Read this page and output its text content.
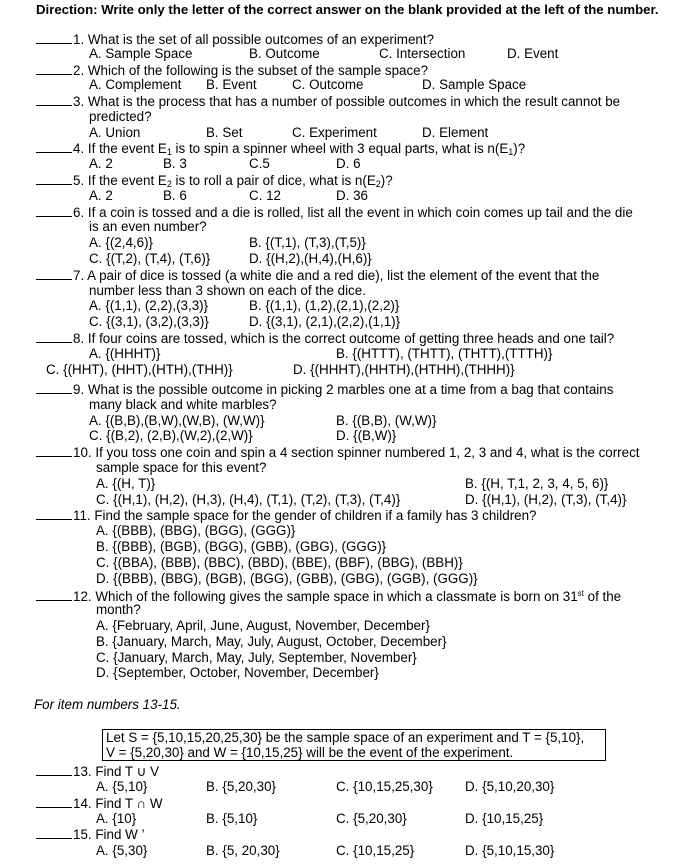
Direction: Write only the letter of the correct answer on the blank provided at the left of the number.
1. What is the set of all possible outcomes of an experiment?
A. Sample Space	B. Outcome	C. Intersection	D. Event
2. Which of the following is the subset of the sample space?
A. Complement B. Event	C. Outcome	D. Sample Space
3. What is the process that has a number of possible outcomes in which the result cannot be
predicted?
A. Union	B. Set	C. Experiment	D. Element
4. If the event $E_1$ is to spin a spinner wheel with 3 equal parts, what is $n(E_1)$?
A. 2	B. 3	C.5	D. 6
5. If the event $E_2$ is to roll a pair of dice, what is $n(E_2)$?
A. 2	B. 6	C. 12	D. 36
6. If a coin is tossed and a die is rolled, list all the event in which coin comes up tail and the die
is an even number?
A. {(2,4,6)}	B. {(T,1), (T,3),(T,5)}
C. {(T,2), (T,4), (T,6)}	D. {(H,2),(H,4),(H,6)}
7. A pair of dice is tossed (a white die and a red die), list the element of the event that the
number less than 3 shown on each of the dice.
A. {(1,1), (2,2),(3,3)}	B. {(1,1), (1,2),(2,1),(2,2)}
C. {(3,1), (3,2),(3,3)}	D. {(3,1), (2,1),(2,2),(1,1)}
8. If four coins are tossed, which is the correct outcome of getting three heads and one tail?
A. {(HHHT)}	B. {(HTTT), (THTT), (THTT),(TTTH)}
C. {(HHT), (HHT),(HTH),(THH)}	D. {(HHHT),(HHTH),(HTHH),(THHH)}
9. What is the possible outcome in picking 2 marbles one at a time from a bag that contains
many black and white marbles?
A. {(B,B),(B,W),(W,B), (W,W)}	B. {(B,B), (W,W)}
C. {(B,2), (2,B),(W,2),(2,W)}	D. {(B,W)}
10. If you toss one coin and spin a 4 section spinner numbered 1, 2, 3 and 4, what is the correct
sample space for this event?
A. {(H, T)}	B. {(H, T,1, 2, 3, 4, 5, 6)}
C. {(H,1), (H,2), (H,3), (H,4), (T,1), (T,2), (T,3), (T,4)}	D. {(H,1), (H,2), (T,3), (T,4)}
11. Find the sample space for the gender of children if a family has 3 children?
A. {(BBB), (BBG), (BGG), (GGG)}
B. {(BBB), (BGB), (BGG), (GBB), (GBG), (GGG)}
C. {(BBA), (BBB), (BBC), (BBD), (BBE), (BBF), (BBG), (BBH)}
D. {(BBB), (BBG), (BGB), (BGG), (GBB), (GBG), (GGB), (GGG)}
12. Which of the following gives the sample space in which a classmate is born on 31st of the
month?
A. {February, April, June, August, November, December}
B. {January, March, May, July, August, October, December}
C. {January, March, May, July, September, November}
D. {September, October, November, December}
For item numbers 13-15.
Let S = {5,10,15,20,25,30} be the sample space of an experiment and T = {5,10},
V = {5,20,30} and W = {10,15,25} will be the event of the experiment.
13. Find T ∪ V
A. {5,10}	B. {5,20,30}	C. {10,15,25,30} D. {5,10,20,30}
14. Find T ∩ W
A. {10}	B. {5,10}	C. {5,20,30}	D. {10,15,25}
15. Find W ’
A. {5,30}	B. {5, 20,30}	C. {10,15,25}	D. {5,10,15,30}
